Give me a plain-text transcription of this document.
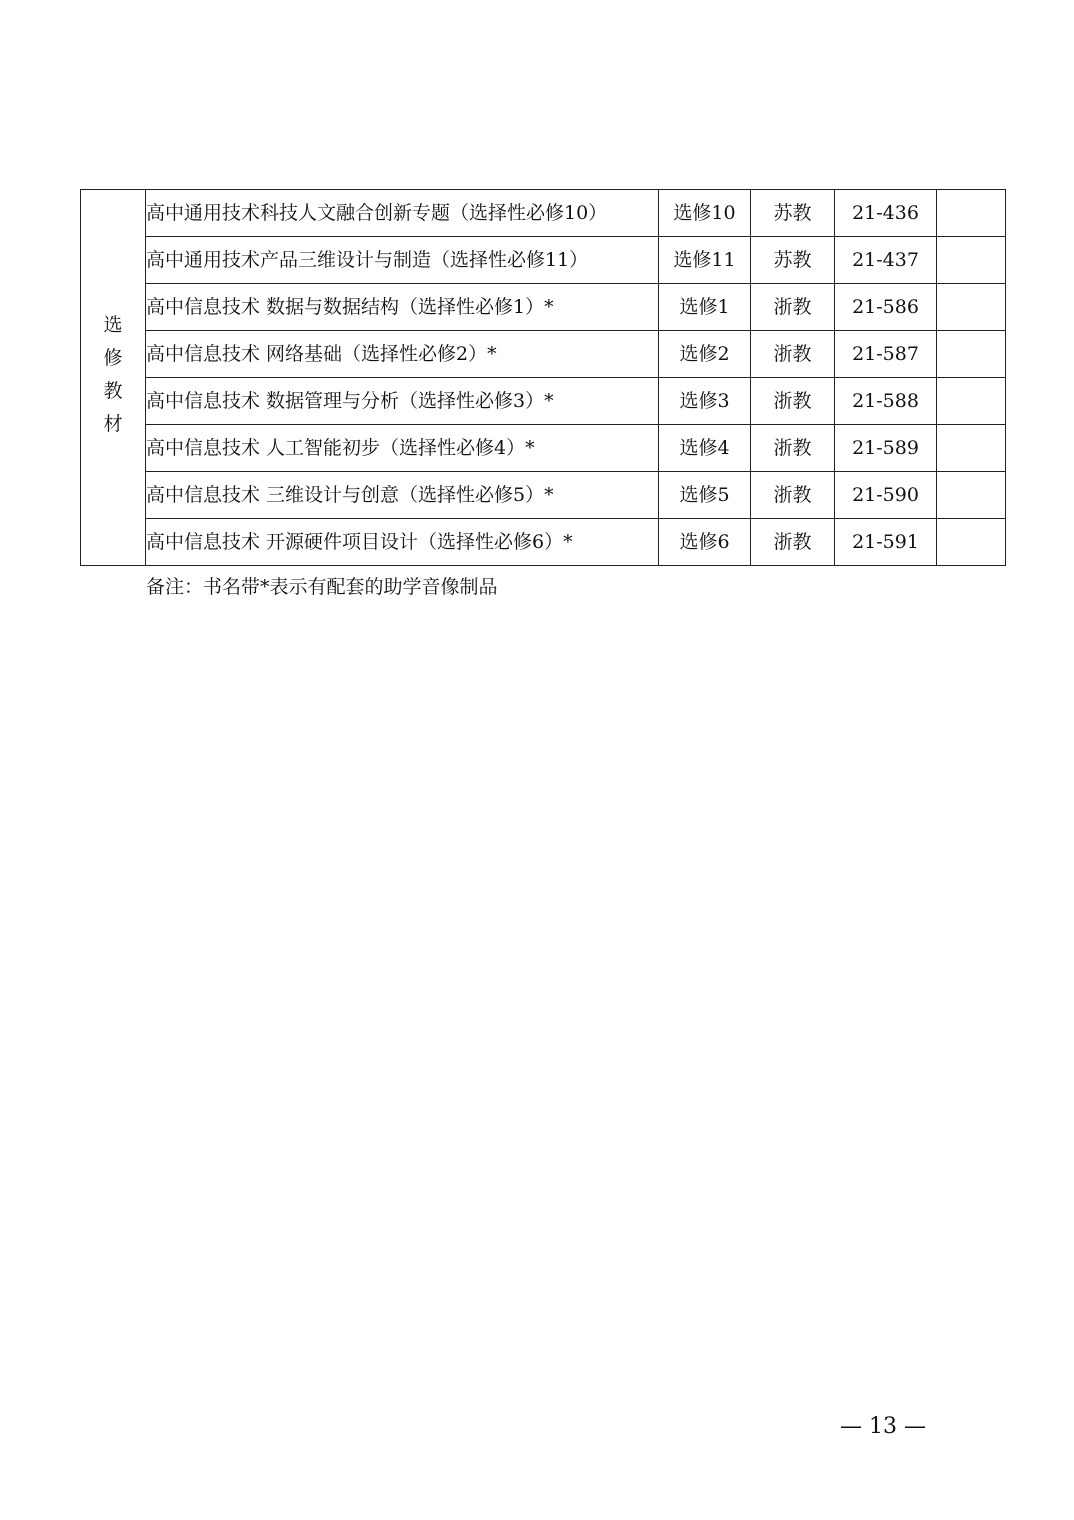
选修教材	高中通用技术科技人文融合创新专题（选择性必修10）	选修10	苏教	21-436	
	高中通用技术产品三维设计与制造（选择性必修11）	选修11	苏教	21-437	
	高中信息技术 数据与数据结构（选择性必修1）*	选修1	浙教	21-586	
	高中信息技术 网络基础（选择性必修2）*	选修2	浙教	21-587	
	高中信息技术 数据管理与分析（选择性必修3）*	选修3	浙教	21-588	
	高中信息技术 人工智能初步（选择性必修4）*	选修4	浙教	21-589	
	高中信息技术 三维设计与创意（选择性必修5）*	选修5	浙教	21-590	
	高中信息技术 开源硬件项目设计（选择性必修6）*	选修6	浙教	21-591	
备注：书名带*表示有配套的助学音像制品
— 13 —
